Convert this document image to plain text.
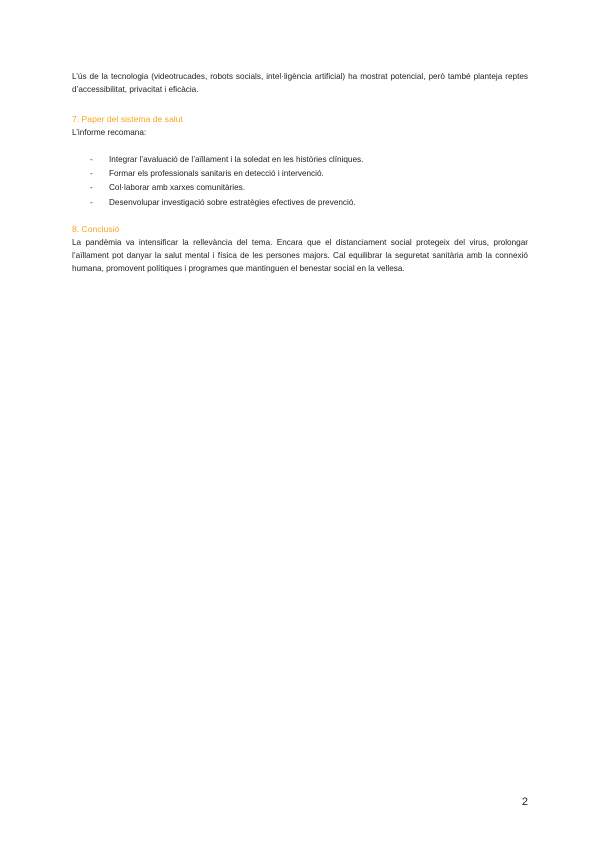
L’ús de la tecnologia (videotrucades, robots socials, intel·ligència artificial) ha mostrat potencial, però també planteja reptes d’accessibilitat, privacitat i eficàcia.

7. Paper del sistema de salut

L’informe recomana:

- Integrar l’avaluació de l’aïllament i la soledat en les històries clíniques.
- Formar els professionals sanitaris en detecció i intervenció.
- Col·laborar amb xarxes comunitàries.
- Desenvolupar investigació sobre estratègies efectives de prevenció.
8. Conclusió

La pandèmia va intensificar la rellevància del tema. Encara que el distanciament social protegeix del virus, prolongar l’aïllament pot danyar la salut mental i física de les persones majors. Cal equilibrar la seguretat sanitària amb la connexió humana, promovent polítiques i programes que mantinguen el benestar social en la vellesa.

2
